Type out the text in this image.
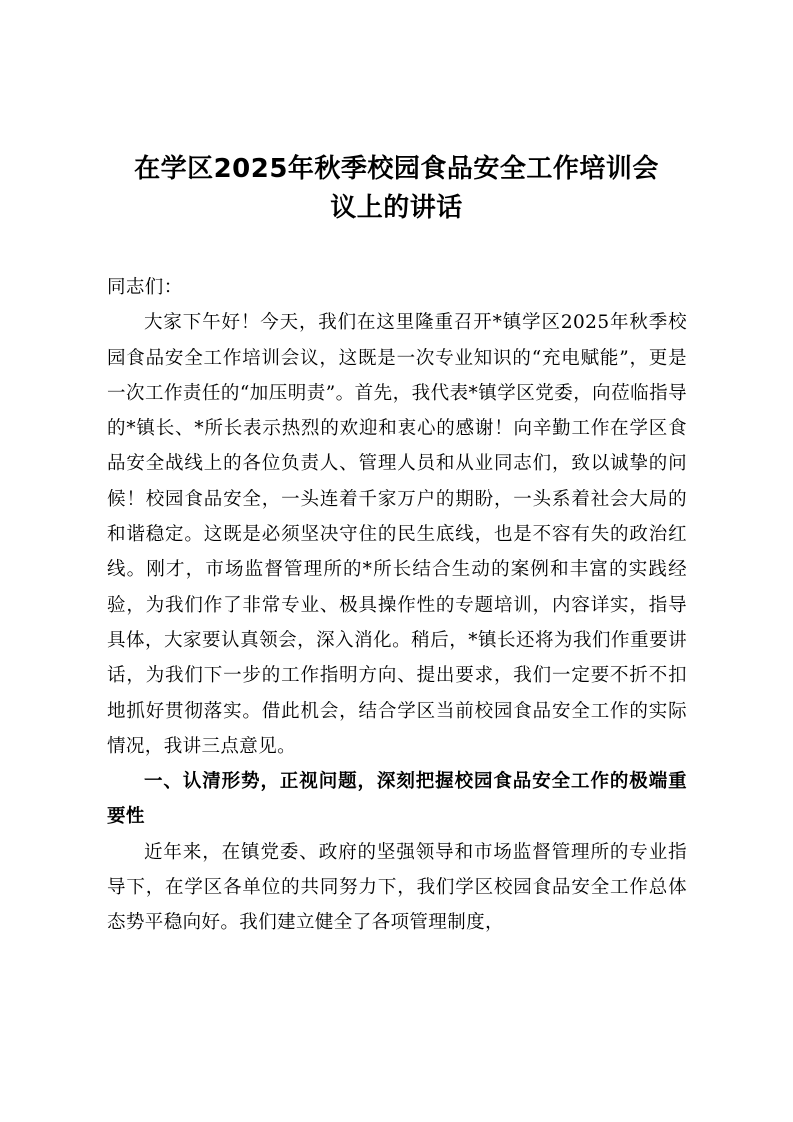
在学区2025年秋季校园食品安全工作培训会
议上的讲话

同志们：

大家下午好！今天，我们在这里隆重召开*镇学区2025年秋季校园食品安全工作培训会议，这既是一次专业知识的“充电赋能”，更是一次工作责任的“加压明责”。首先，我代表*镇学区党委，向莅临指导的*镇长、*所长表示热烈的欢迎和衷心的感谢！向辛勤工作在学区食品安全战线上的各位负责人、管理人员和从业同志们，致以诚挚的问候！校园食品安全，一头连着千家万户的期盼，一头系着社会大局的和谐稳定。这既是必须坚决守住的民生底线，也是不容有失的政治红线。刚才，市场监督管理所的*所长结合生动的案例和丰富的实践经验，为我们作了非常专业、极具操作性的专题培训，内容详实，指导具体，大家要认真领会，深入消化。稍后，*镇长还将为我们作重要讲话，为我们下一步的工作指明方向、提出要求，我们一定要不折不扣地抓好贯彻落实。借此机会，结合学区当前校园食品安全工作的实际情况，我讲三点意见。

一、认清形势，正视问题，深刻把握校园食品安全工作的极端重要性

近年来，在镇党委、政府的坚强领导和市场监督管理所的专业指导下，在学区各单位的共同努力下，我们学区校园食品安全工作总体态势平稳向好。我们建立健全了各项管理制度，
